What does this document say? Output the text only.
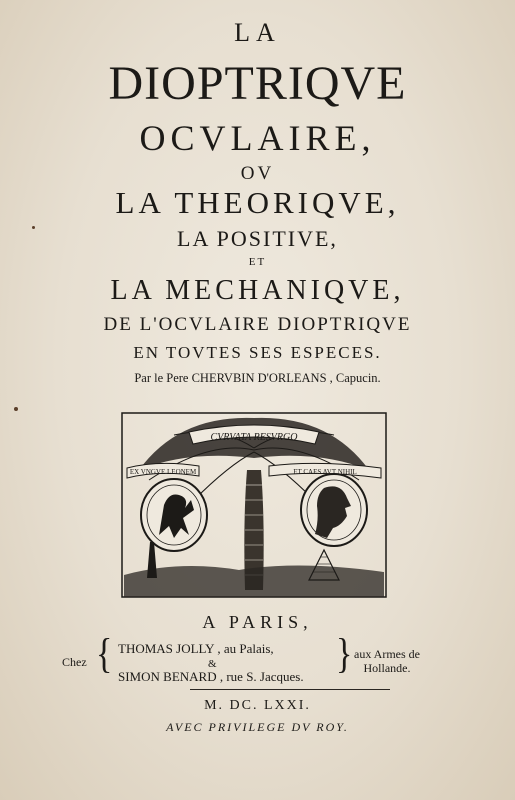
LA
DIOPTRIQVE
OCVLAIRE,
OV
LA THEORIQVE,
LA POSITIVE,
ET
LA MECHANIQVE,
DE L'OCVLAIRE DIOPTRIQVE
EN TOVTES SES ESPECES.
Par le Pere CHERVBIN D'ORLEANS , Capucin.
CVRVATA RESVRGO
EX VNGVE LEONEM	ET CAES AVT NIHIL
A PARIS,
Chez { THOMAS JOLLY , au Palais,
&
SIMON BENARD , rue S. Jacques. } aux Armes de
Hollande.
M. DC. LXXI.
AVEC PRIVILEGE DV ROY.
